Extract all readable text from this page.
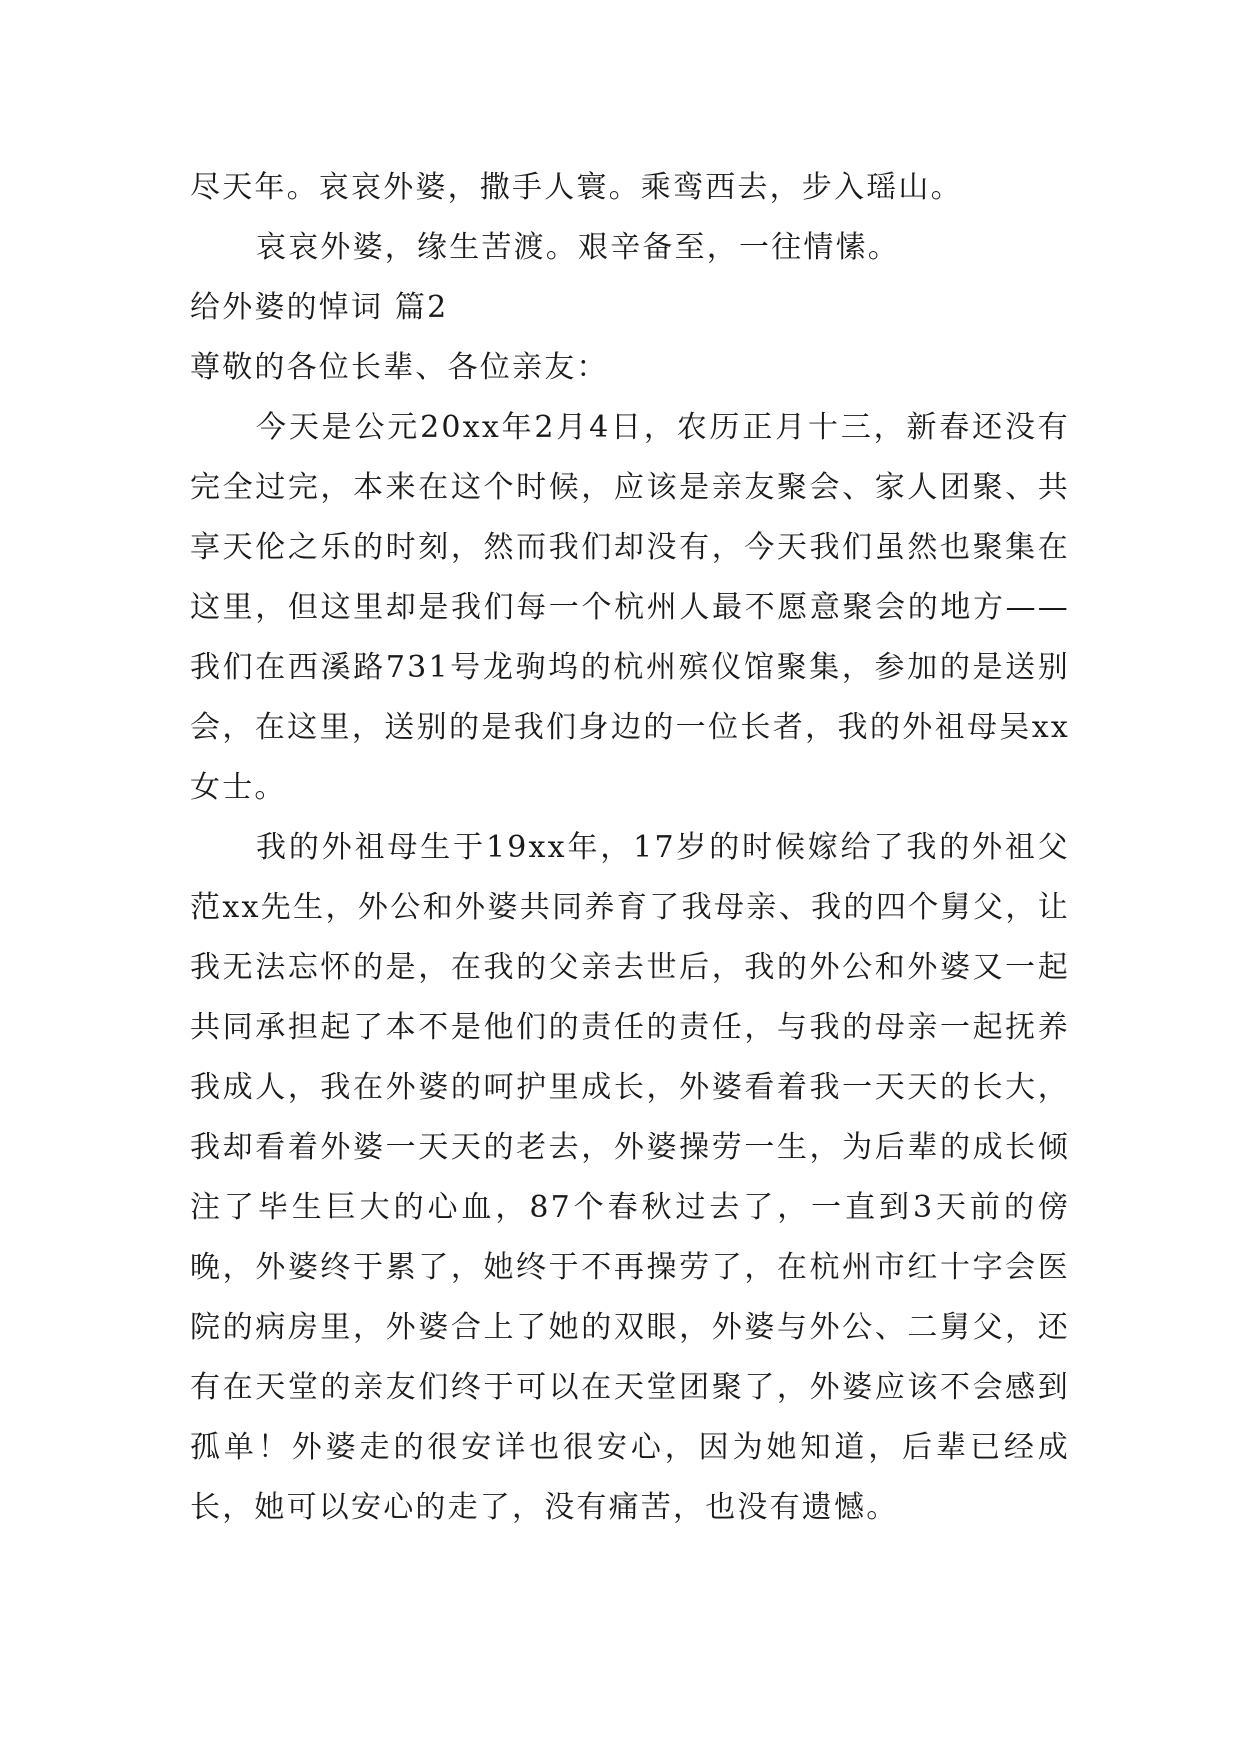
尽天年。哀哀外婆，撒手人寰。乘鸾西去，步入瑶山。

哀哀外婆，缘生苦渡。艰辛备至，一往情愫。

给外婆的悼词 篇2

尊敬的各位长辈、各位亲友：

今天是公元20xx年2月4日，农历正月十三，新春还没有完全过完，本来在这个时候，应该是亲友聚会、家人团聚、共享天伦之乐的时刻，然而我们却没有，今天我们虽然也聚集在这里，但这里却是我们每一个杭州人最不愿意聚会的地方——我们在西溪路731号龙驹坞的杭州殡仪馆聚集，参加的是送别会，在这里，送别的是我们身边的一位长者，我的外祖母吴xx女士。

我的外祖母生于19xx年，17岁的时候嫁给了我的外祖父范xx先生，外公和外婆共同养育了我母亲、我的四个舅父，让我无法忘怀的是，在我的父亲去世后，我的外公和外婆又一起共同承担起了本不是他们的责任的责任，与我的母亲一起抚养我成人，我在外婆的呵护里成长，外婆看着我一天天的长大，我却看着外婆一天天的老去，外婆操劳一生，为后辈的成长倾注了毕生巨大的心血，87个春秋过去了，一直到3天前的傍晚，外婆终于累了，她终于不再操劳了，在杭州市红十字会医院的病房里，外婆合上了她的双眼，外婆与外公、二舅父，还有在天堂的亲友们终于可以在天堂团聚了，外婆应该不会感到孤单！外婆走的很安详也很安心，因为她知道，后辈已经成长，她可以安心的走了，没有痛苦，也没有遗憾。
